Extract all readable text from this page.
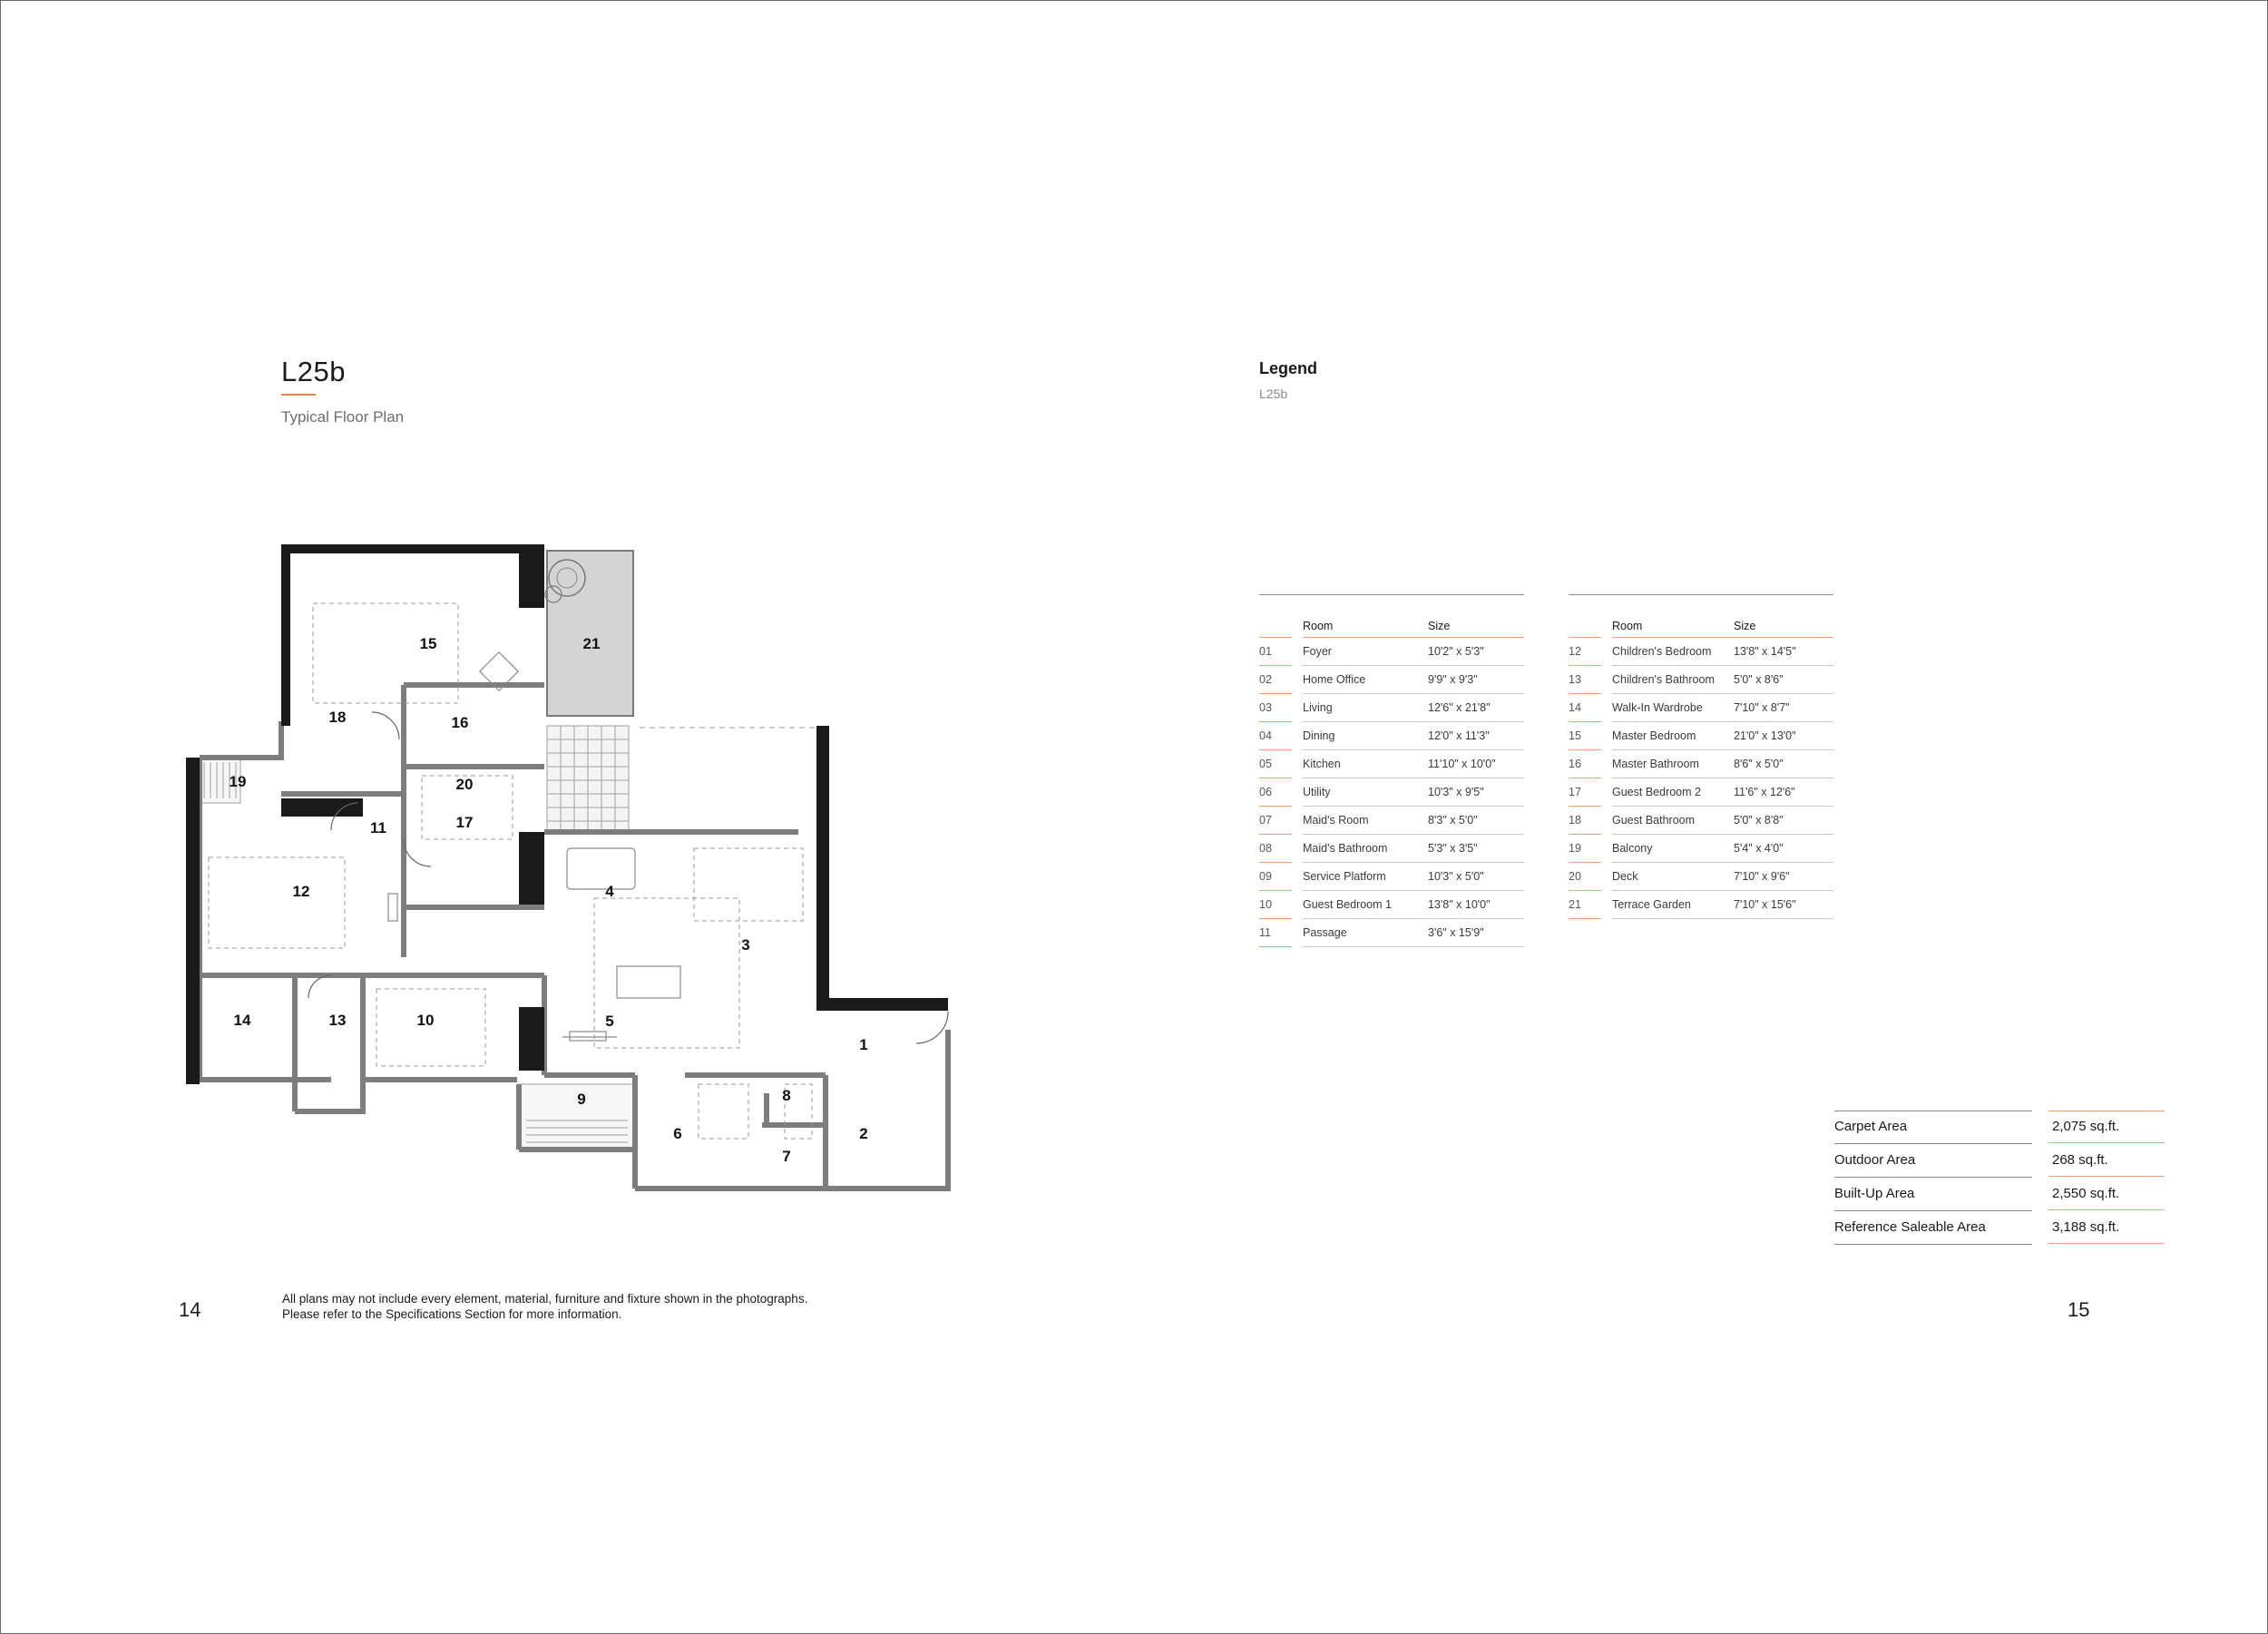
L25b
Typical Floor Plan
Legend
L25b

		Room	Size
01		Foyer	10'2" x 5'3"
02		Home Office	9'9" x 9'3"
03		Living	12'6" x 21'8"
04		Dining	12'0" x 11'3"
05		Kitchen	11'10" x 10'0"
06		Utility	10'3" x 9'5"
07		Maid's Room	8'3" x 5'0"
08		Maid's Bathroom	5'3" x 3'5"
09		Service Platform	10'3" x 5'0"
10		Guest Bedroom 1	13'8" x 10'0"
11		Passage	3'6" x 15'9"

		Room	Size
12		Children's Bedroom	13'8" x 14'5"
13		Children's Bathroom	5'0" x 8'6"
14		Walk-In Wardrobe	7'10" x 8'7"
15		Master Bedroom	21'0" x 13'0"
16		Master Bathroom	8'6" x 5'0"
17		Guest Bedroom 2	11'6" x 12'6"
18		Guest Bathroom	5'0" x 8'8"
19		Balcony	5'4" x 4'0"
20		Deck	7'10" x 9'6"
21		Terrace Garden	7'10" x 15'6"
Carpet Area	2,075 sq.ft.
Outdoor Area	268 sq.ft.
Built-Up Area	2,550 sq.ft.
Reference Saleable Area	3,188 sq.ft.
1
2
3
4
5
6
7
8
9
10
11
12
13
14
15
16
17
18
19	20
21
14	15
All plans may not include every element, material, furniture and fixture shown in the photographs.
Please refer to the Specifications Section for more information.
